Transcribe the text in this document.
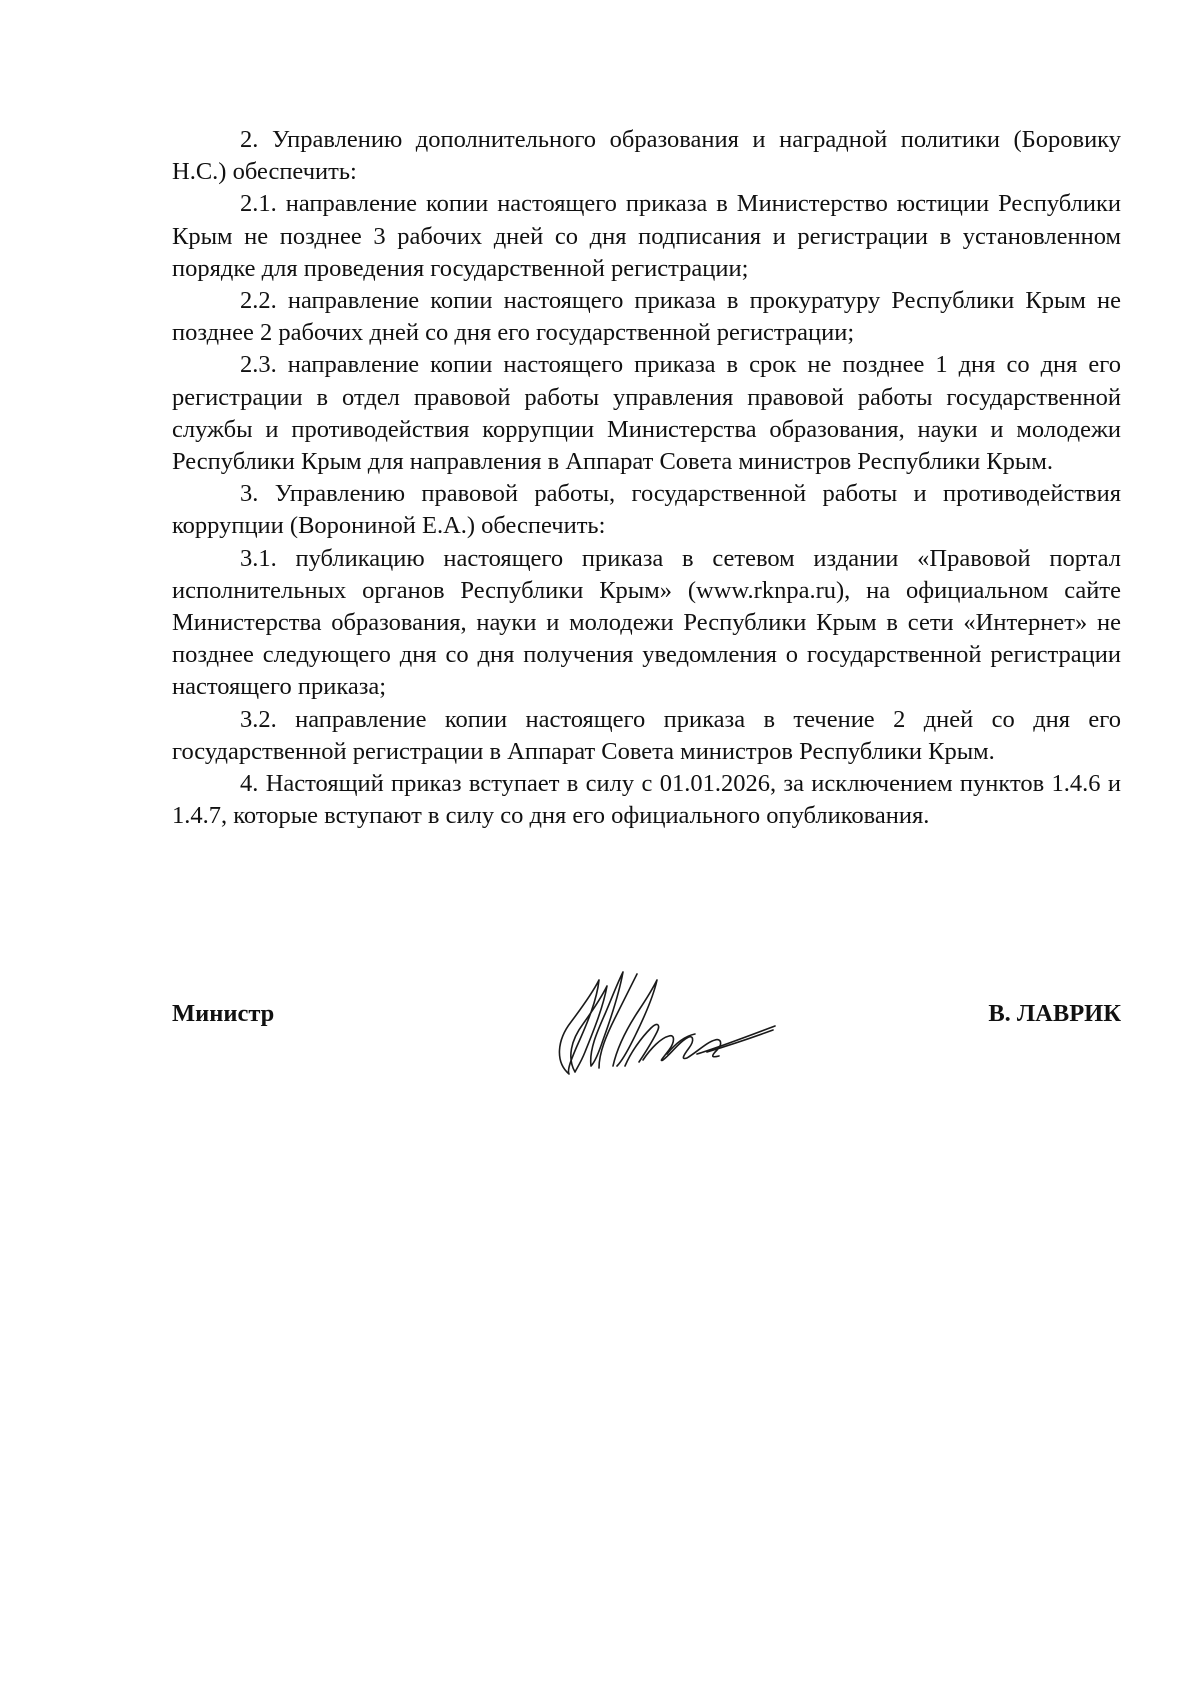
2. Управлению дополнительного образования и наградной политики (Боровику Н.С.) обеспечить:

2.1. направление копии настоящего приказа в Министерство юстиции Республики Крым не позднее 3 рабочих дней со дня подписания и регистрации в установленном порядке для проведения государственной регистрации;

2.2. направление копии настоящего приказа в прокуратуру Республики Крым не позднее 2 рабочих дней со дня его государственной регистрации;

2.3. направление копии настоящего приказа в срок не позднее 1 дня со дня его регистрации в отдел правовой работы управления правовой работы государственной службы и противодействия коррупции Министерства образования, науки и молодежи Республики Крым для направления в Аппарат Совета министров Республики Крым.

3. Управлению правовой работы, государственной работы и противодействия коррупции (Ворониной Е.А.) обеспечить:

3.1. публикацию настоящего приказа в сетевом издании «Правовой портал исполнительных органов Республики Крым» (www.rknpa.ru), на официальном сайте Министерства образования, науки и молодежи Республики Крым в сети «Интернет» не позднее следующего дня со дня получения уведомления о государственной регистрации настоящего приказа;

3.2. направление копии настоящего приказа в течение 2 дней со дня его государственной регистрации в Аппарат Совета министров Республики Крым.

4. Настоящий приказ вступает в силу с 01.01.2026, за исключением пунктов 1.4.6 и 1.4.7, которые вступают в силу со дня его официального опубликования.

Министр	В. ЛАВРИК
